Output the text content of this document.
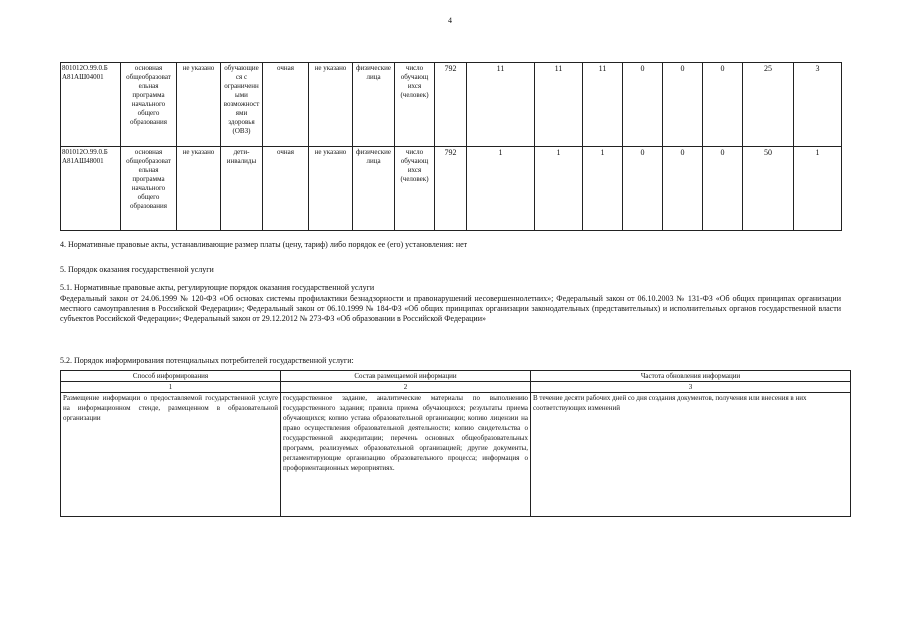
4
801012О.99.0.Б А81АШ04001	основная общеобразоват ельная программа начального общего образования	не указано	обучающие ся с ограниченн ыми возможност ями здоровья (ОВЗ)	очная	не указано	физические лица	число обучающ ихся (человек)	792	11	11	11	0	0	0	25	3
801012О.99.0.Б А81АШ48001	основная общеобразоват ельная программа начального общего образования	не указано	дети-инвалиды	очная	не указано	физические лица	число обучающ ихся (человек)	792	1	1	1	0	0	0	50	1
4. Нормативные правовые акты, устанавливающие размер платы (цену, тариф) либо порядок ее (его) установления: нет
5. Порядок оказания государственной услуги
5.1. Нормативные правовые акты, регулирующие порядок оказания государственной услуги
Федеральный закон от 24.06.1999 № 120-ФЗ «Об основах системы профилактики безнадзорности и правонарушений несовершеннолетних»; Федеральный закон от 06.10.2003 № 131-ФЗ «Об общих принципах организации местного самоуправления в Российской Федерации»; Федеральный закон от 06.10.1999 № 184-ФЗ «Об общих принципах организации законодательных (представительных) и исполнительных органов государственной власти субъектов Российской Федерации»; Федеральный закон от 29.12.2012 № 273-ФЗ «Об образовании в Российской Федерации»
5.2. Порядок информирования потенциальных потребителей государственной услуги:
Способ информирования	Состав размещаемой информации	Частота обновления информации
1	2	3
Размещение информации о предоставляемой государственной услуге на информационном стенде, размещенном в образовательной организации	государственное задание, аналитические материалы по выполнению государственного задания; правила приема обучающихся; результаты приема обучающихся; копию устава образовательной организации; копию лицензии на право осуществления образовательной деятельности; копию свидетельства о государственной аккредитации; перечень основных общеобразовательных программ, реализуемых образовательной организацией; другие документы, регламентирующие организацию образовательного процесса; информация о профориентационных мероприятиях.	В течение десяти рабочих дней со дня создания документов, получения или внесения в них соответствующих изменений
